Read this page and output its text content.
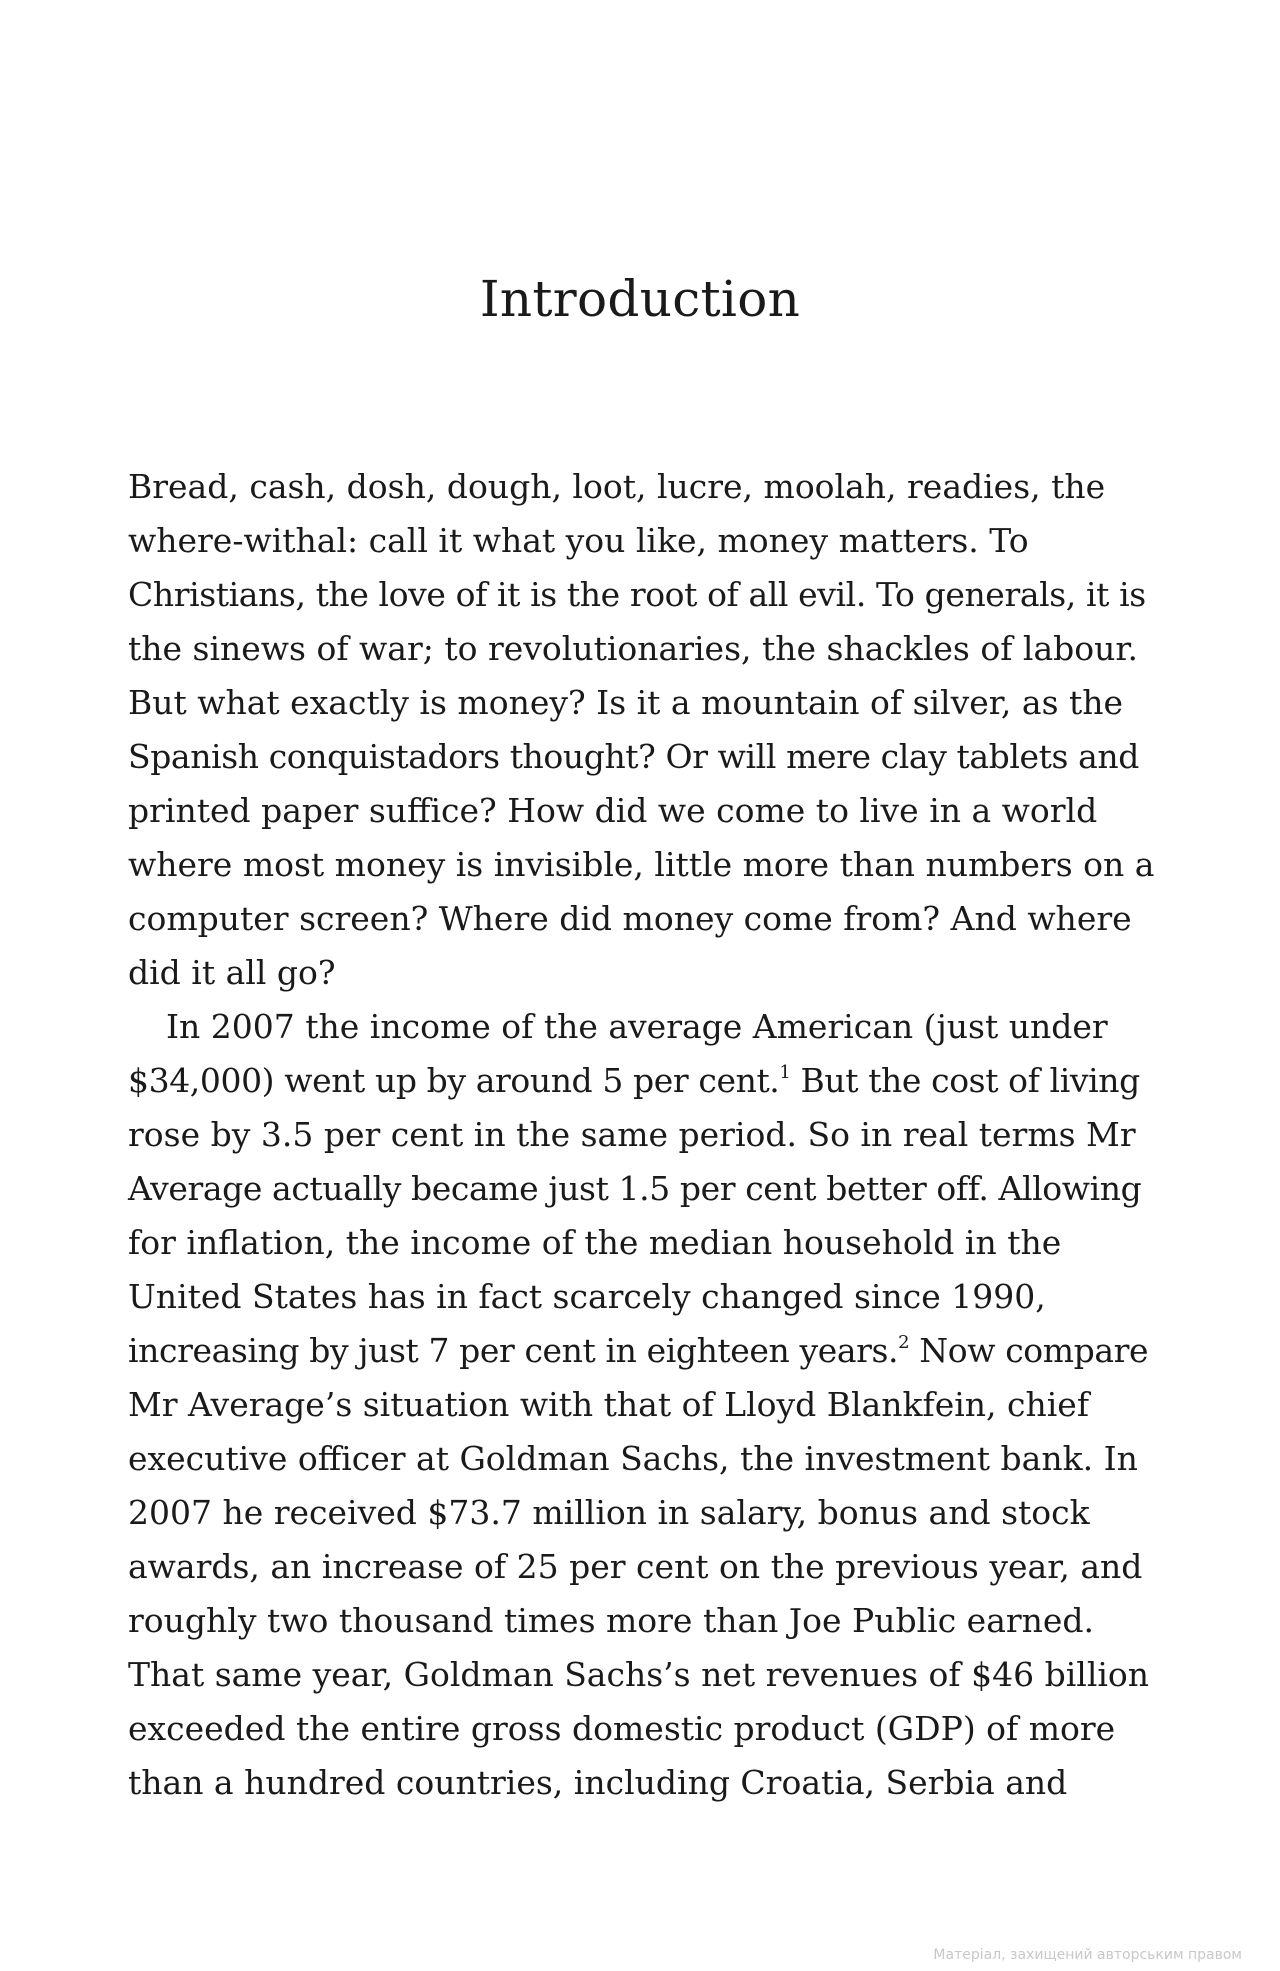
Introduction
Bread, cash, dosh, dough, loot, lucre, moolah, readies, the
where-withal: call it what you like, money matters. To
Christians, the love of it is the root of all evil. To generals, it is
the sinews of war; to revolutionaries, the shackles of labour.
But what exactly is money? Is it a mountain of silver, as the
Spanish conquistadors thought? Or will mere clay tablets and
printed paper suffice? How did we come to live in a world
where most money is invisible, little more than numbers on a
computer screen? Where did money come from? And where
did it all go?
In 2007 the income of the average American (just under
$34,000) went up by around 5 per cent.$^1$ But the cost of living
rose by 3.5 per cent in the same period. So in real terms Mr
Average actually became just 1.5 per cent better off. Allowing
for inflation, the income of the median household in the
United States has in fact scarcely changed since 1990,
increasing by just 7 per cent in eighteen years.$^2$ Now compare
Mr Average’s situation with that of Lloyd Blankfein, chief
executive officer at Goldman Sachs, the investment bank. In
2007 he received $73.7 million in salary, bonus and stock
awards, an increase of 25 per cent on the previous year, and
roughly two thousand times more than Joe Public earned.
That same year, Goldman Sachs’s net revenues of $46 billion
exceeded the entire gross domestic product (GDP) of more
than a hundred countries, including Croatia, Serbia and
Матеріал, захищений авторським правом
